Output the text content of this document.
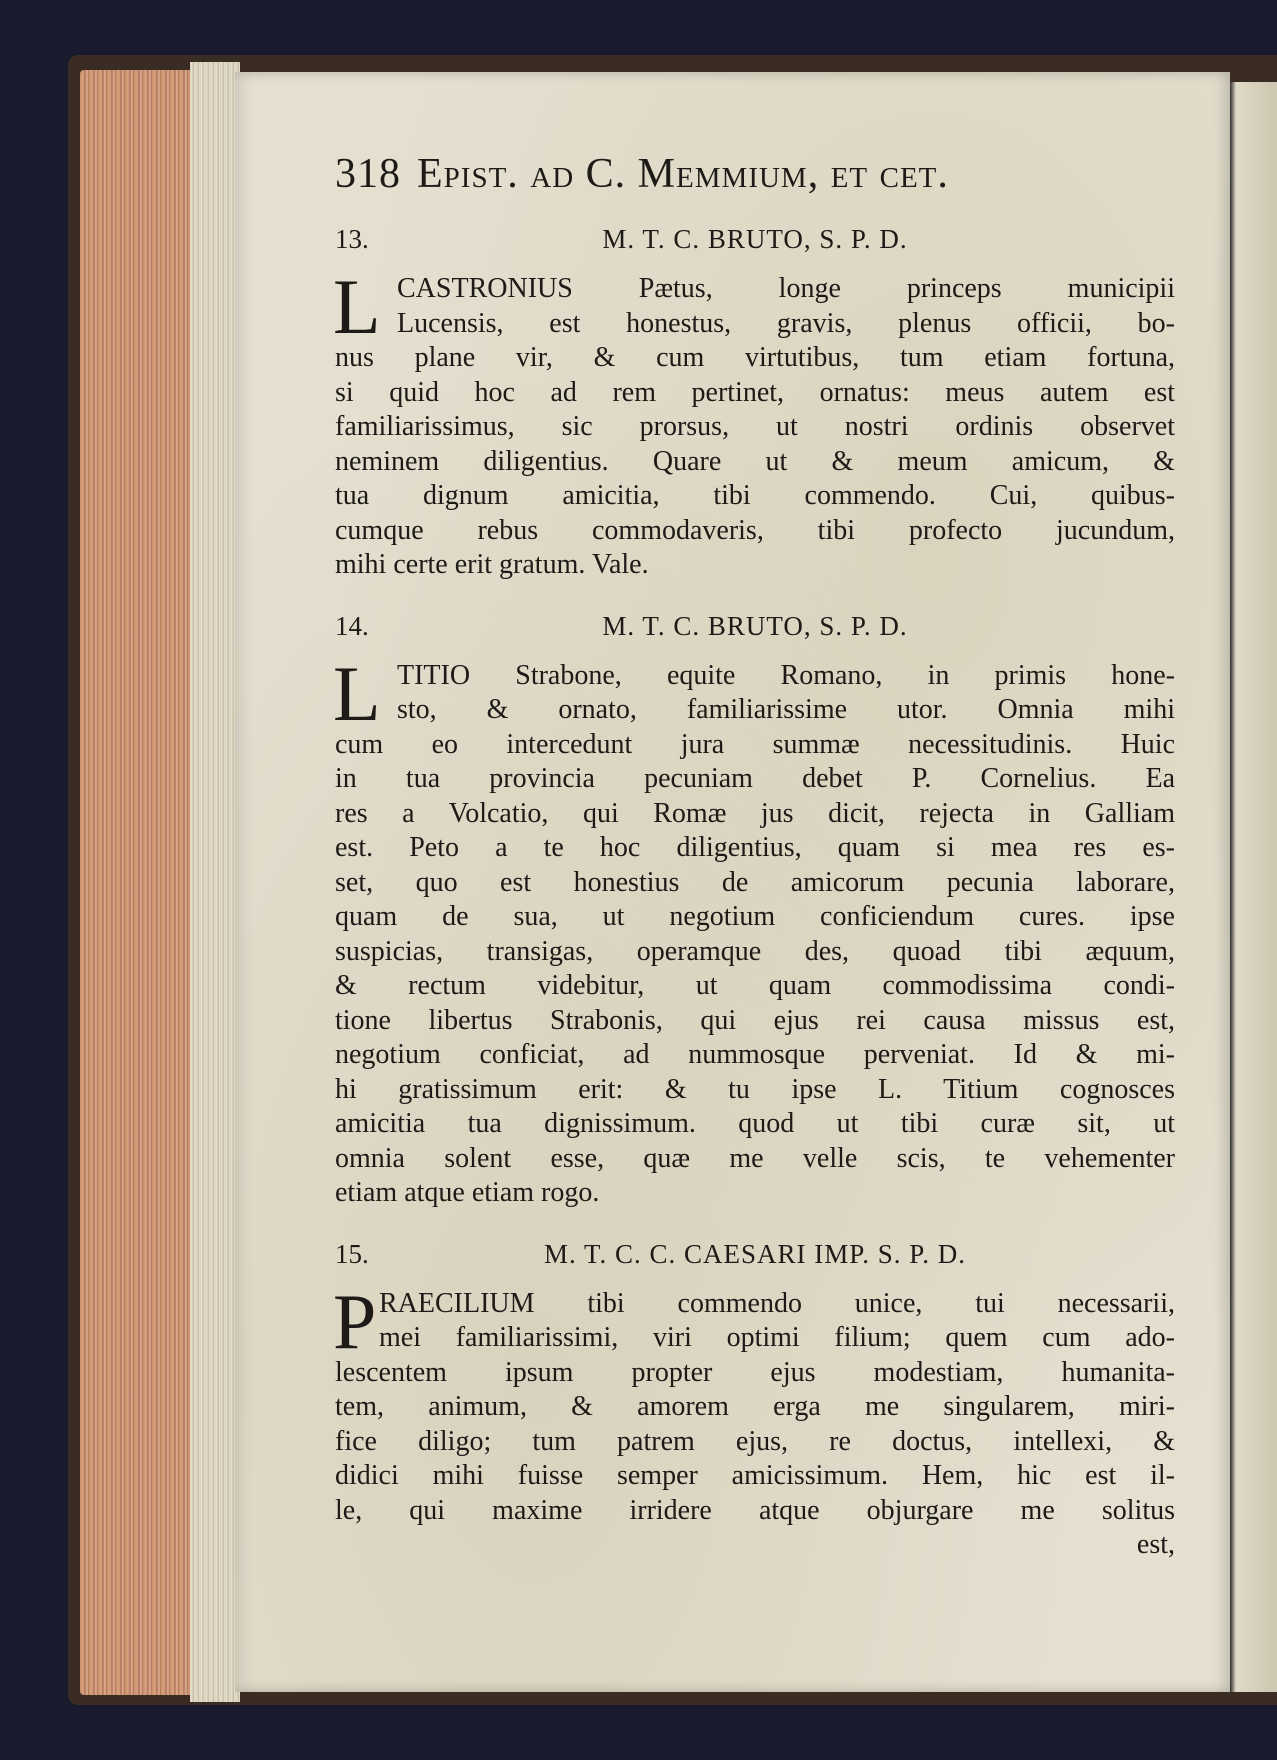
318 Epist. ad C. Memmium, et cet.
13.	M. T. C. BRUTO, S. P. D.
L CASTRONIUS Pætus, longe princeps municipii
Lucensis, est honestus, gravis, plenus officii, bo-
nus plane vir, & cum virtutibus, tum etiam fortuna,
si quid hoc ad rem pertinet, ornatus: meus autem est
familiarissimus, sic prorsus, ut nostri ordinis observet
neminem diligentius. Quare ut & meum amicum, &
tua dignum amicitia, tibi commendo. Cui, quibus-
cumque rebus commodaveris, tibi profecto jucundum,
mihi certe erit gratum. Vale.
14.	M. T. C. BRUTO, S. P. D.
L TITIO Strabone, equite Romano, in primis hone-
sto, & ornato, familiarissime utor. Omnia mihi
cum eo intercedunt jura summæ necessitudinis. Huic
in tua provincia pecuniam debet P. Cornelius. Ea
res a Volcatio, qui Romæ jus dicit, rejecta in Galliam
est. Peto a te hoc diligentius, quam si mea res es-
set, quo est honestius de amicorum pecunia laborare,
quam de sua, ut negotium conficiendum cures. ipse
suspicias, transigas, operamque des, quoad tibi æquum,
& rectum videbitur, ut quam commodissima condi-
tione libertus Strabonis, qui ejus rei causa missus est,
negotium conficiat, ad nummosque perveniat. Id & mi-
hi gratissimum erit: & tu ipse L. Titium cognosces
amicitia tua dignissimum. quod ut tibi curæ sit, ut
omnia solent esse, quæ me velle scis, te vehementer
etiam atque etiam rogo.
15.	M. T. C. C. CAESARI IMP. S. P. D.
P RAECILIUM tibi commendo unice, tui necessarii,
mei familiarissimi, viri optimi filium; quem cum ado-
lescentem ipsum propter ejus modestiam, humanita-
tem, animum, & amorem erga me singularem, miri-
fice diligo; tum patrem ejus, re doctus, intellexi, &
didici mihi fuisse semper amicissimum. Hem, hic est il-
le, qui maxime irridere atque objurgare me solitus
est,
